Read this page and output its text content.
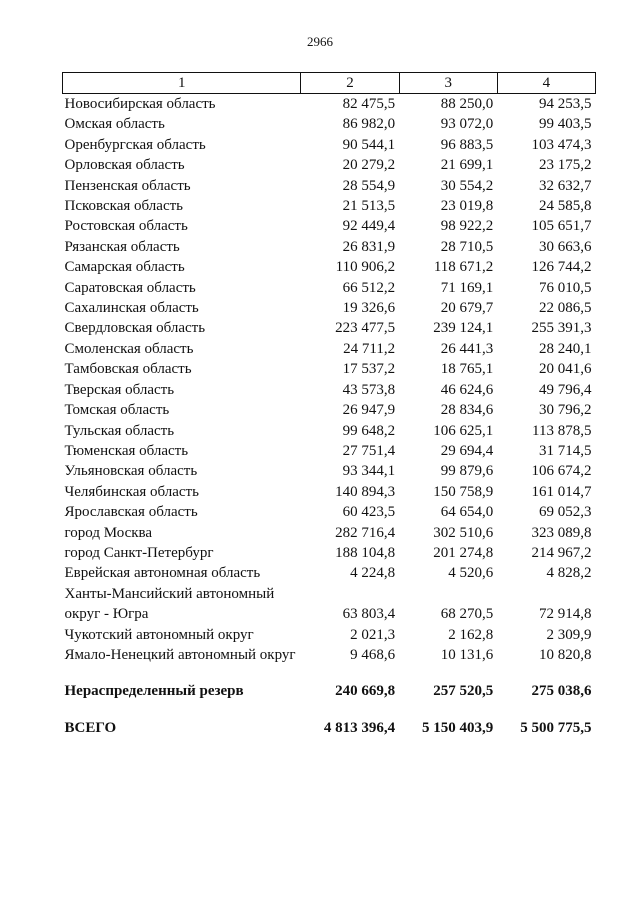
2966
1	2	3	4
Новосибирская область	82 475,5	88 250,0	94 253,5
Омская область	86 982,0	93 072,0	99 403,5
Оренбургская область	90 544,1	96 883,5	103 474,3
Орловская область	20 279,2	21 699,1	23 175,2
Пензенская область	28 554,9	30 554,2	32 632,7
Псковская область	21 513,5	23 019,8	24 585,8
Ростовская область	92 449,4	98 922,2	105 651,7
Рязанская область	26 831,9	28 710,5	30 663,6
Самарская область	110 906,2	118 671,2	126 744,2
Саратовская область	66 512,2	71 169,1	76 010,5
Сахалинская область	19 326,6	20 679,7	22 086,5
Свердловская область	223 477,5	239 124,1	255 391,3
Смоленская область	24 711,2	26 441,3	28 240,1
Тамбовская область	17 537,2	18 765,1	20 041,6
Тверская область	43 573,8	46 624,6	49 796,4
Томская область	26 947,9	28 834,6	30 796,2
Тульская область	99 648,2	106 625,1	113 878,5
Тюменская область	27 751,4	29 694,4	31 714,5
Ульяновская область	93 344,1	99 879,6	106 674,2
Челябинская область	140 894,3	150 758,9	161 014,7
Ярославская область	60 423,5	64 654,0	69 052,3
город Москва	282 716,4	302 510,6	323 089,8
город Санкт-Петербург	188 104,8	201 274,8	214 967,2
Еврейская автономная область	4 224,8	4 520,6	4 828,2
Ханты-Мансийский автономный округ - Югра	63 803,4	68 270,5	72 914,8
Чукотский автономный округ	2 021,3	2 162,8	2 309,9
Ямало-Ненецкий автономный округ	9 468,6	10 131,6	10 820,8

Нераспределенный резерв	240 669,8	257 520,5	275 038,6

ВСЕГО	4 813 396,4	5 150 403,9	5 500 775,5
